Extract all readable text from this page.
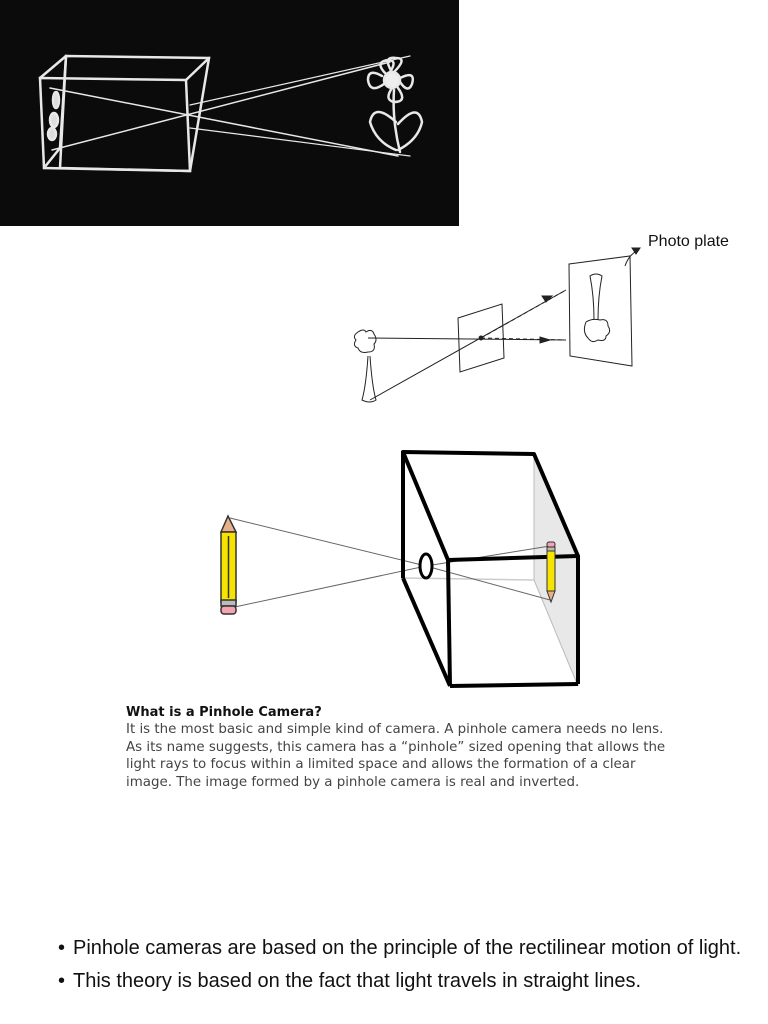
Photo plate
What is a Pinhole Camera?
It is the most basic and simple kind of camera. A pinhole camera needs no lens. As its name suggests, this camera has a “pinhole” sized opening that allows the light rays to focus within a limited space and allows the formation of a clear image. The image formed by a pinhole camera is real and inverted.
• Pinhole cameras are based on the principle of the rectilinear motion of light.
• This theory is based on the fact that light travels in straight lines.
